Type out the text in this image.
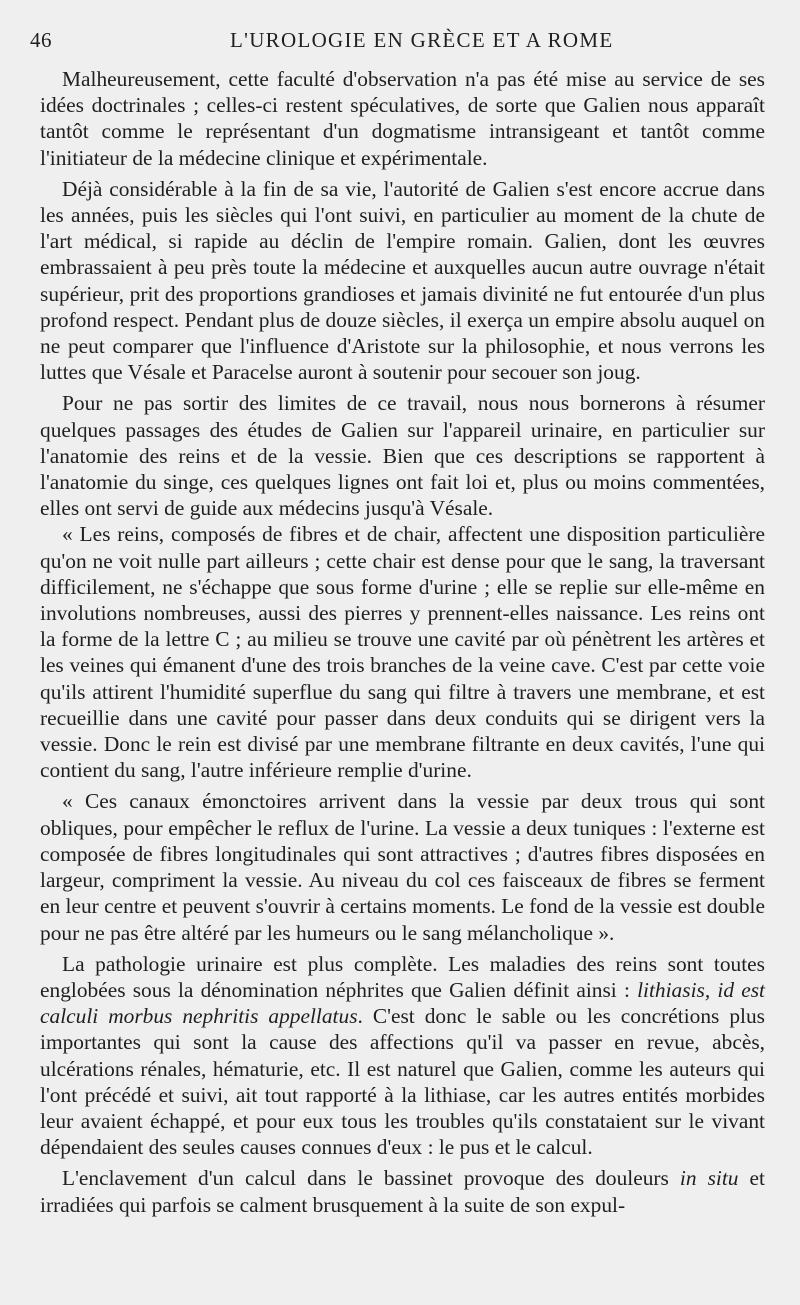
46	L'UROLOGIE EN GRÈCE ET A ROME

Malheureusement, cette faculté d'observation n'a pas été mise au service de ses idées doctrinales ; celles-ci restent spéculatives, de sorte que Galien nous apparaît tantôt comme le représentant d'un dogmatisme intransigeant et tantôt comme l'initiateur de la médecine clinique et expérimentale.

Déjà considérable à la fin de sa vie, l'autorité de Galien s'est encore accrue dans les années, puis les siècles qui l'ont suivi, en particulier au moment de la chute de l'art médical, si rapide au déclin de l'empire romain. Galien, dont les œuvres embrassaient à peu près toute la médecine et auxquelles aucun autre ouvrage n'était supérieur, prit des proportions grandioses et jamais divinité ne fut entourée d'un plus profond respect. Pendant plus de douze siècles, il exerça un empire absolu auquel on ne peut comparer que l'influence d'Aristote sur la philosophie, et nous verrons les luttes que Vésale et Paracelse auront à soutenir pour secouer son joug.

Pour ne pas sortir des limites de ce travail, nous nous bornerons à résumer quelques passages des études de Galien sur l'appareil urinaire, en particulier sur l'anatomie des reins et de la vessie. Bien que ces descriptions se rapportent à l'anatomie du singe, ces quelques lignes ont fait loi et, plus ou moins commentées, elles ont servi de guide aux médecins jusqu'à Vésale.

« Les reins, composés de fibres et de chair, affectent une disposition particulière qu'on ne voit nulle part ailleurs ; cette chair est dense pour que le sang, la traversant difficilement, ne s'échappe que sous forme d'urine ; elle se replie sur elle-même en involutions nombreuses, aussi des pierres y prennent-elles naissance. Les reins ont la forme de la lettre C ; au milieu se trouve une cavité par où pénètrent les artères et les veines qui émanent d'une des trois branches de la veine cave. C'est par cette voie qu'ils attirent l'humidité superflue du sang qui filtre à travers une membrane, et est recueillie dans une cavité pour passer dans deux conduits qui se dirigent vers la vessie. Donc le rein est divisé par une membrane filtrante en deux cavités, l'une qui contient du sang, l'autre inférieure remplie d'urine.

« Ces canaux émonctoires arrivent dans la vessie par deux trous qui sont obliques, pour empêcher le reflux de l'urine. La vessie a deux tuniques : l'externe est composée de fibres longitudinales qui sont attractives ; d'autres fibres disposées en largeur, compriment la vessie. Au niveau du col ces faisceaux de fibres se ferment en leur centre et peuvent s'ouvrir à certains moments. Le fond de la vessie est double pour ne pas être altéré par les humeurs ou le sang mélancholique ».

La pathologie urinaire est plus complète. Les maladies des reins sont toutes englobées sous la dénomination néphrites que Galien définit ainsi : lithiasis, id est calculi morbus nephritis appellatus. C'est donc le sable ou les concrétions plus importantes qui sont la cause des affections qu'il va passer en revue, abcès, ulcérations rénales, hématurie, etc. Il est naturel que Galien, comme les auteurs qui l'ont précédé et suivi, ait tout rapporté à la lithiase, car les autres entités morbides leur avaient échappé, et pour eux tous les troubles qu'ils constataient sur le vivant dépendaient des seules causes connues d'eux : le pus et le calcul.

L'enclavement d'un calcul dans le bassinet provoque des douleurs in situ et irradiées qui parfois se calment brusquement à la suite de son expul-
